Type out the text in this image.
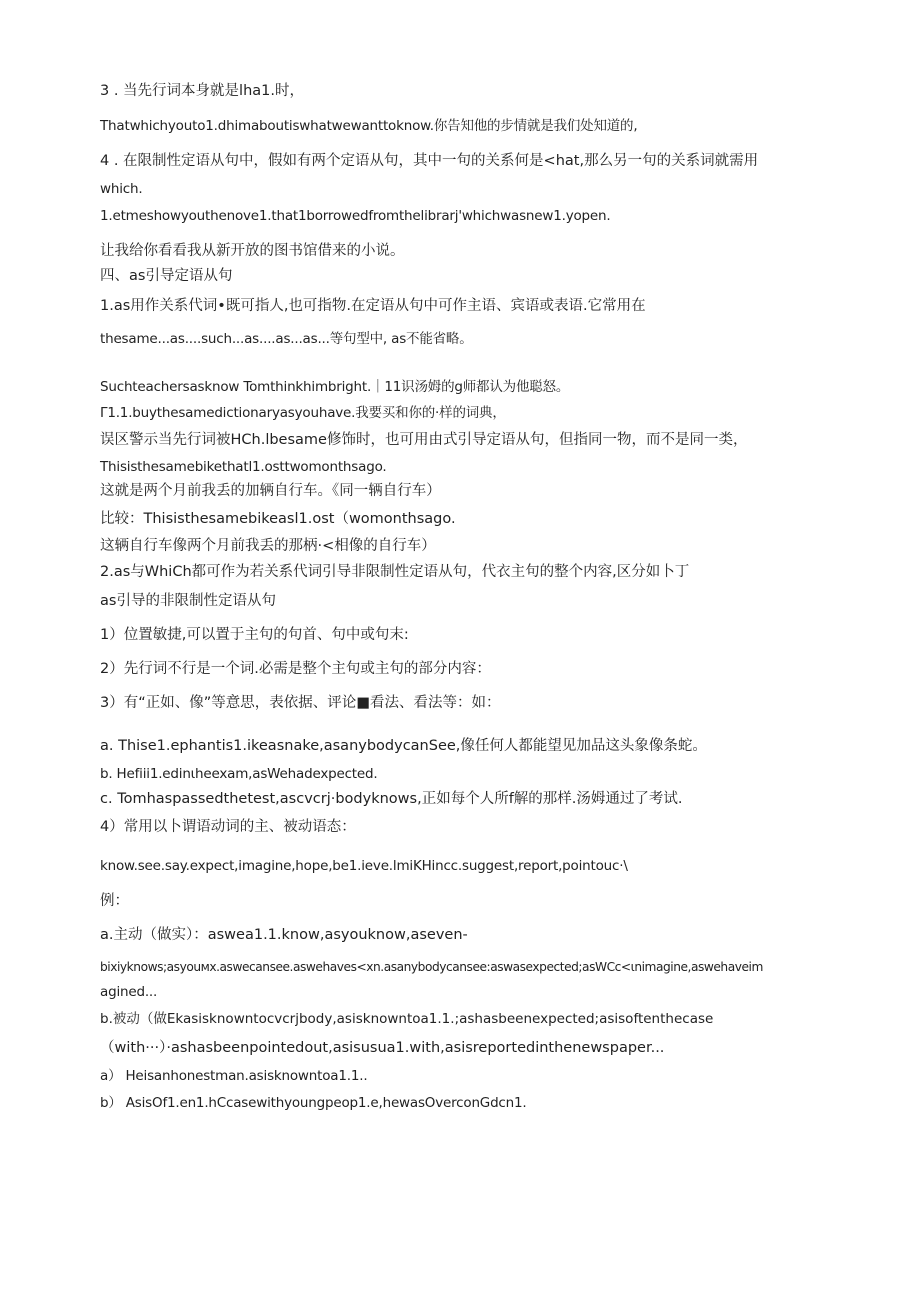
3 . 当先行词本身就是lha1.时，
Thatwhichyouto1.dhimaboutiswhatwewanttoknow.你告知他的步情就是我们处知道的,
4 . 在限制性定语从句中，假如有两个定语从句，其中一句的关系何是<hat,那么另一句的关系词就需用
which.
1.etmeshowyouthenove1.that1borrowedfromthelibrarj'whichwasnew1.yopen.
让我给你看看我从新开放的图书馆借来的小说。
四、as引导定语从句
1.as用作关系代词•既可指人,也可指物.在定语从句中可作主语、宾语或表语.它常用在
thesame...as....such...as....as...as...等句型中, as不能省略。
Suchteachersasknow Tomthinkhimbright.｜11识汤姆的g师都认为他聪怒。
Γ1.1.buythesamedictionaryasyouhave.我要买和你的·样的词典，
误区警示当先行词被HCh.lbesame修饰时，也可用由式引导定语从句，但指同一物，而不是同一类，
Thisisthesamebikethatl1.osttwomonthsago.
这就是两个月前我丢的加辆自行车。《同一辆自行车）
比较：Thisisthesamebikeasl1.ost（womonthsago.
这辆自行车像两个月前我丢的那柄·<相像的自行车）
2.as与WhiCh都可作为若关系代词引导非限制性定语从句，代衣主句的整个内容,区分如卜丁
as引导的非限制性定语从句
1）位置敏捷,可以置于主句的句首、句中或句末:
2）先行词不行是一个词.必需是整个主句或主句的部分内容：
3）有“正如、像”等意思，表依据、评论■看法、看法等：如：
a. Thise1.ephantis1.ikeasnake,asanybodycanSee,像任何人都能望见加品这头象像条蛇。
b. Hefiii1.edinιheexam,asWehadexpected.
c. Tomhaspassedthetest,ascvcrj·bodyknows,正如每个人所f解的那样.汤姆通过了考试.
4）常用以卜谓语动词的主、被动语态：
know.see.say.expect,imagine,hope,be1.ieve.lmiKHincc.suggest,report,pointouc·\
例：
a.主动（做实）：aswea1.1.know,asyouknow,aseven-
bixiyknows;asyouмx.aswecansee.aswehaves<xn.asanybodycansee:aswasexpected;asWCc<ιnimagine,aswehaveim
agined...
b.被动（做Ekasisknowntocvcrjbody,asisknowntoa1.1.;ashasbeenexpected;asisoftenthecase
（with···）·ashasbeenpointedout,asisusua1.with,asisreportedinthenewspaper...
a） Heisanhonestman.asisknowntoa1.1..
b） AsisOf1.en1.hCcasewithyoungpeop1.e,hewasOverconGdcn1.
